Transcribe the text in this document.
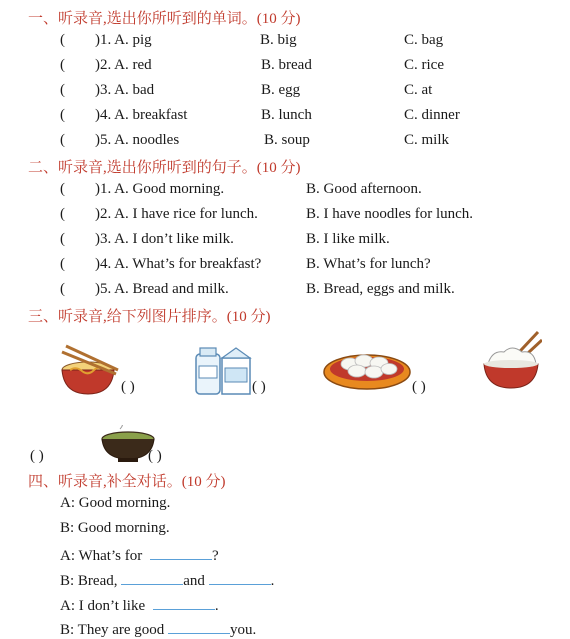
一、听录音,选出你所听到的单词。(10 分)
( )1. A. pig	B. big	C. bag
( )2. A. red	B. bread	C. rice
( )3. A. bad	B. egg	C. at
( )4. A. breakfast	B. lunch	C. dinner
( )5. A. noodles	B. soup	C. milk
二、听录音,选出你所听到的句子。(10 分)
( )1. A. Good morning.	B. Good afternoon.
( )2. A. I have rice for lunch.	B. I have noodles for lunch.
( )3. A. I don’t like milk.	B. I like milk.
( )4. A. What’s for breakfast?	B. What’s for lunch?
( )5. A. Bread and milk.	B. Bread, eggs and milk.
三、听录音,给下列图片排序。(10 分)
( )	( )	( )
( )	( )
四、听录音,补全对话。(10 分)
A: Good morning.
B: Good morning.
A: What’s for	?
B: Bread,	and	.
A: I don’t like	.
B: They are good	you.
